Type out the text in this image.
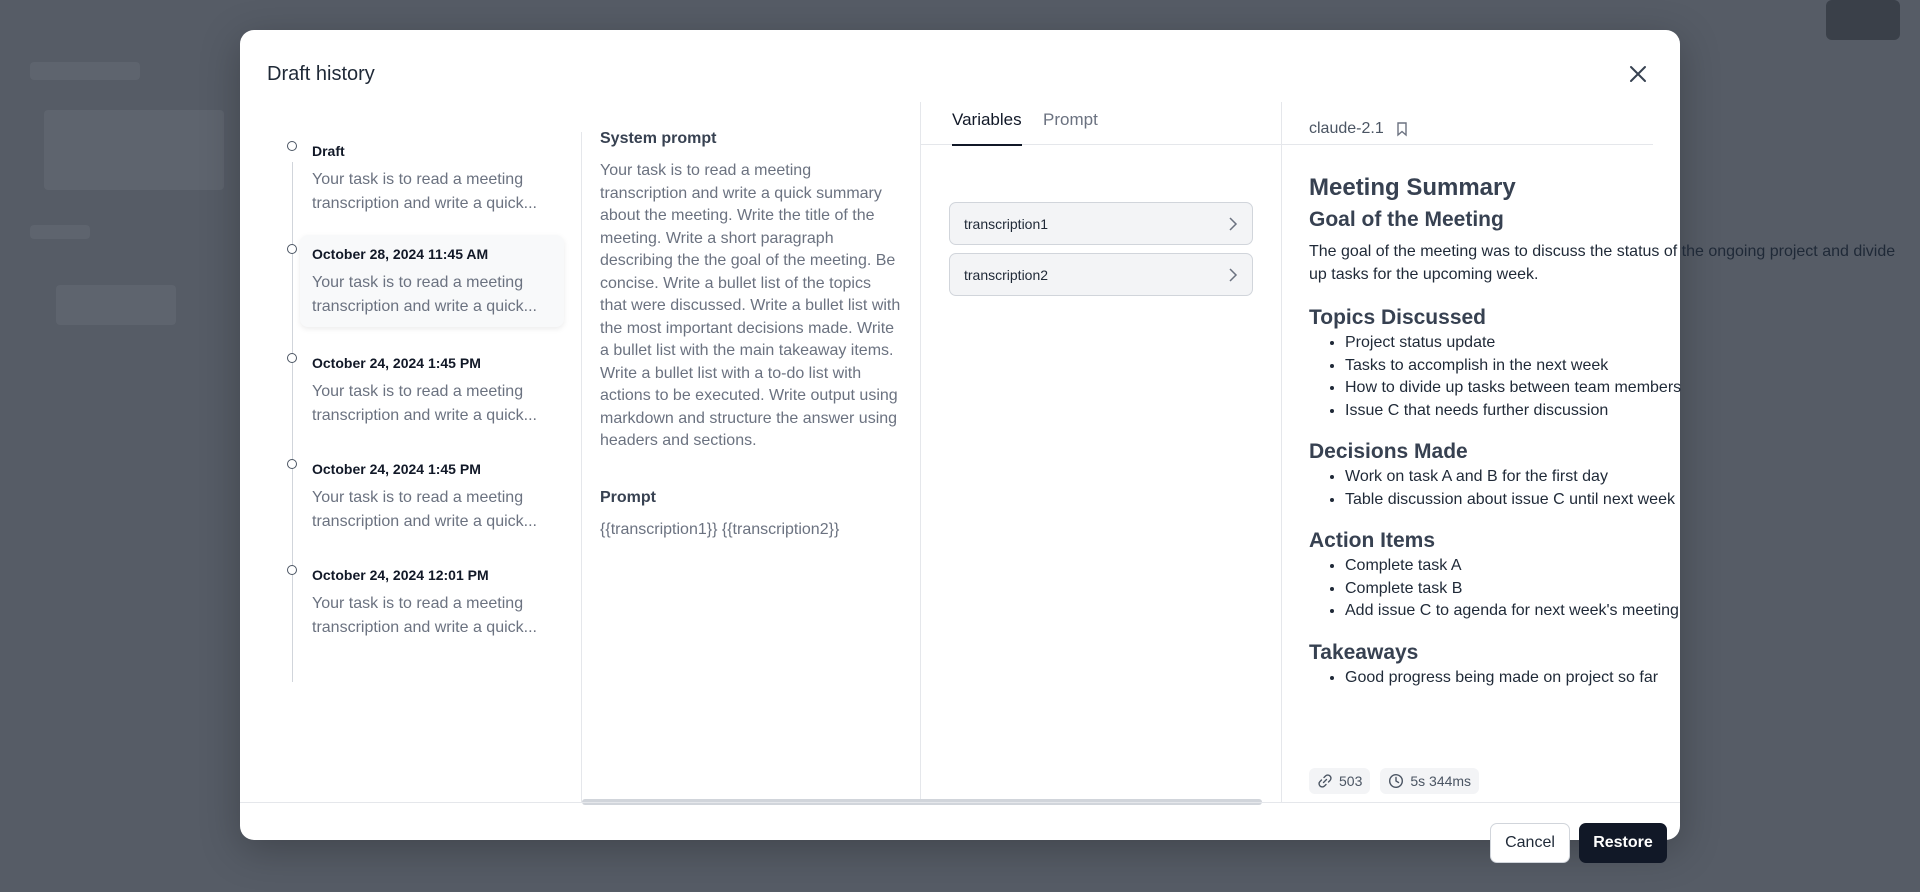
Draft history
Draft
Your task is to read a meeting transcription and write a quick...
October 28, 2024 11:45 AM
Your task is to read a meeting transcription and write a quick...
October 24, 2024 1:45 PM
Your task is to read a meeting transcription and write a quick...
October 24, 2024 1:45 PM
Your task is to read a meeting transcription and write a quick...
October 24, 2024 12:01 PM
Your task is to read a meeting transcription and write a quick...
System prompt
Your task is to read a meeting transcription and write a quick summary about the meeting. Write the title of the meeting. Write a short paragraph describing the the goal of the meeting. Be concise. Write a bullet list of the topics that were discussed. Write a bullet list with the most important decisions made. Write a bullet list with the main takeaway items. Write a bullet list with a to-do list with actions to be executed. Write output using markdown and structure the answer using headers and sections.
Prompt
{{transcription1}} {{transcription2}}
Variables Prompt
transcription1
transcription2
claude-2.1
Meeting Summary
Goal of the Meeting

The goal of the meeting was to discuss the status of the ongoing project and divide up tasks for the upcoming week.

Topics Discussed
• Project status update
• Tasks to accomplish in the next week
• How to divide up tasks between team members
• Issue C that needs further discussion
Decisions Made
• Work on task A and B for the first day
• Table discussion about issue C until next week
Action Items
• Complete task A
• Complete task B
• Add issue C to agenda for next week's meeting
Takeaways
• Good progress being made on project so far
503	5s 344ms
Cancel	Restore
